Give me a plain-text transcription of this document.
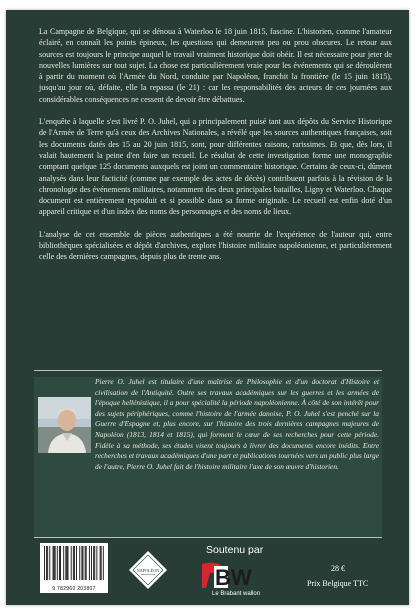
La Campagne de Belgique, qui se dénoua à Waterloo le 18 juin 1815, fascine. L'historien, comme l'amateur éclairé, en connaît les points épineux, les questions qui demeurent peu ou prou obscures. Le retour aux sources est toujours le principe auquel le travail vraiment historique doit obéir. Il est nécessaire pour jeter de nouvelles lumières sur tout sujet. La chose est particulièrement vraie pour les événements qui se déroulèrent à partir du moment où l'Armée du Nord, conduite par Napoléon, franchit la frontière (le 15 juin 1815), jusqu'au jour où, défaite, elle la repassa (le 21) : car les responsabilités des acteurs de ces journées aux considérables conséquences ne cessent de devoir être débattues.

L'enquête à laquelle s'est livré P. O. Juhel, qui a principalement puisé tant aux dépôts du Service Historique de l'Armée de Terre qu'à ceux des Archives Nationales, a révélé que les sources authentiques françaises, soit les documents datés des 15 au 20 juin 1815, sont, pour différentes raisons, rarissimes. Et que, dès lors, il valait hautement la peine d'en faire un recueil. Le résultat de cette investigation forme une monographie comptant quelque 125 documents auxquels est joint un commentaire historique. Certains de ceux-ci, dûment analysés dans leur facticité (comme par exemple des actes de décès) contribuent parfois à la révision de la chronologie des événements militaires, notamment des deux principales batailles, Ligny et Waterloo. Chaque document est entièrement reproduit et si possible dans sa forme originale. Le recueil est enfin doté d'un appareil critique et d'un index des noms des personnages et des noms de lieux.

L'analyse de cet ensemble de pièces authentiques a été nourrie de l'expérience de l'auteur qui, entre bibliothèques spécialisées et dépôt d'archives, explore l'histoire militaire napoléonienne, et particulièrement celle des dernières campagnes, depuis plus de trente ans.

Pierre O. Juhel est titulaire d'une maîtrise de Philosophie et d'un doctorat d'Histoire et civilisation de l'Antiquité. Outre ses travaux académiques sur les guerres et les armées de l'époque hellénistique, il a pour spécialité la période napoléonienne. À côté de son intérêt pour des sujets périphériques, comme l'histoire de l'armée danoise, P. O. Juhel s'est penché sur la Guerre d'Espagne et, plus encore, sur l'histoire des trois dernières campagnes majeures de Napoléon (1813, 1814 et 1815), qui forment le cœur de ses recherches pour cette période. Fidèle à sa méthode, ses études visent toujours à livrer des documents encore inédits. Entre recherches et travaux académiques d'une part et publications tournées vers un public plus large de l'autre, Pierre O. Juhel fait de l'histoire militaire l'axe de son œuvre d'historien.

9 782960 203807
NAPOLÉON
Soutenu par
BW
Le Brabant wallon
28 €
Prix Belgique TTC
